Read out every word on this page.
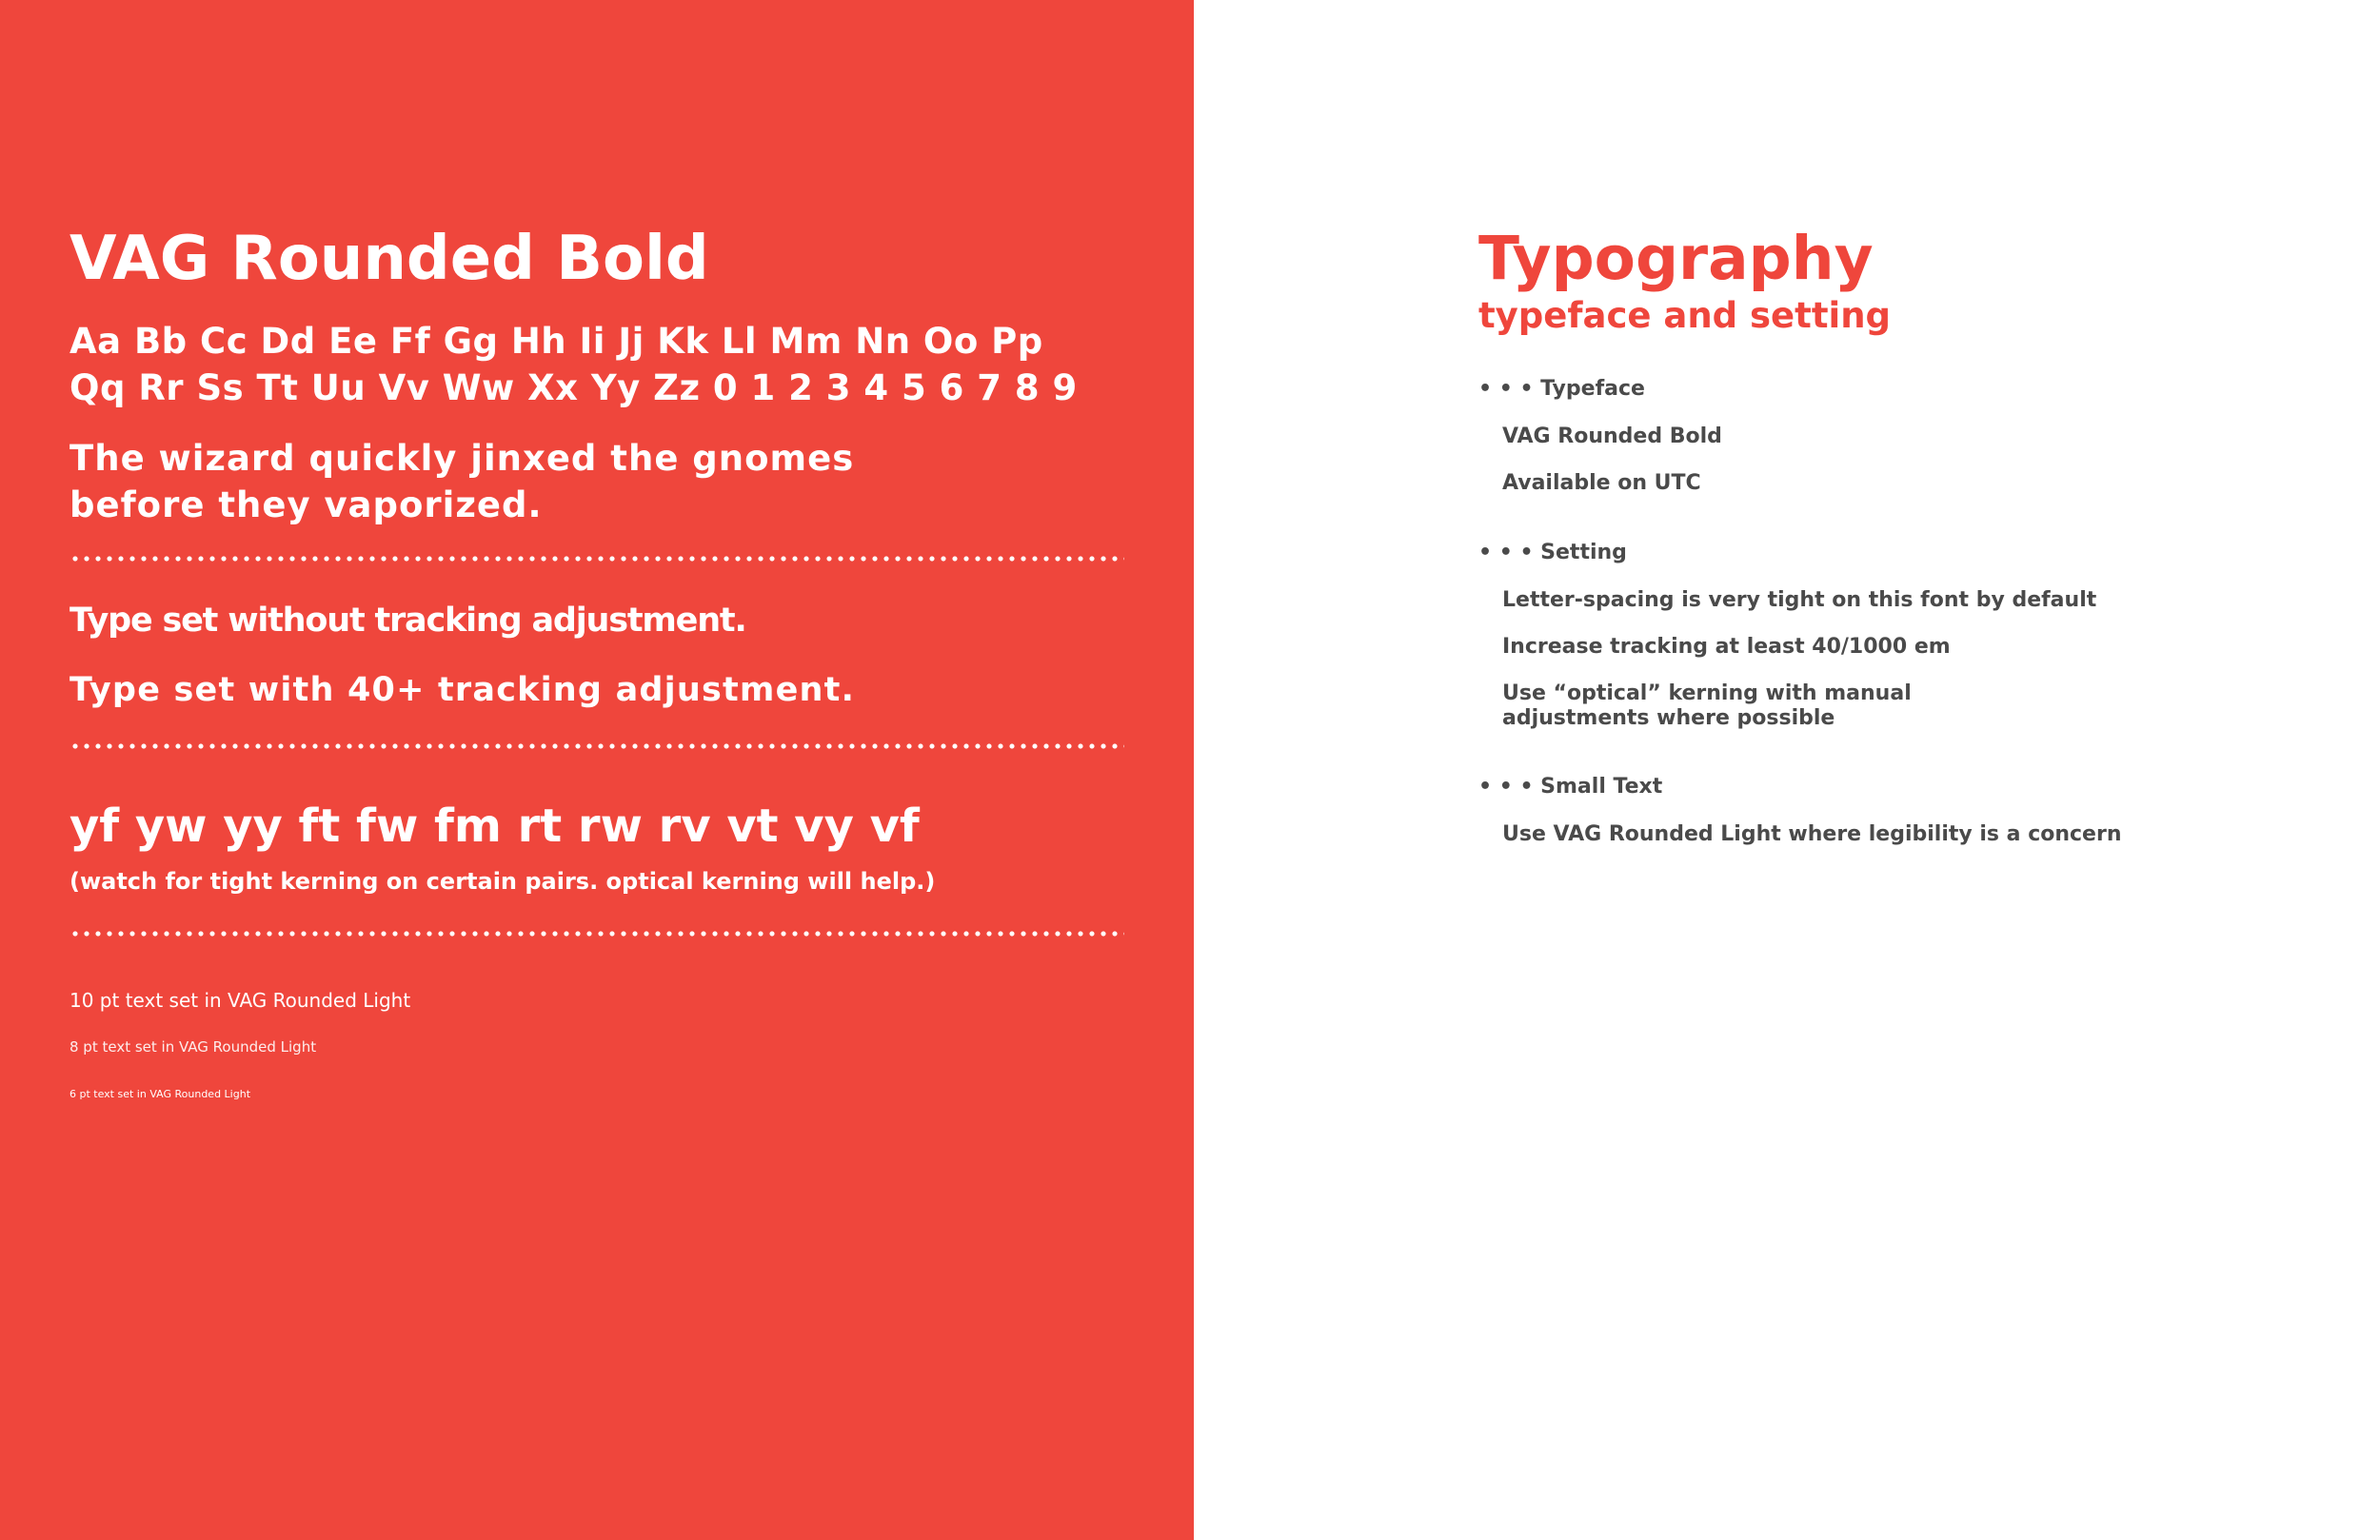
VAG Rounded Bold
Aa Bb Cc Dd Ee Ff Gg Hh Ii Jj Kk Ll Mm Nn Oo Pp
Qq Rr Ss Tt Uu Vv Ww Xx Yy Zz 0 1 2 3 4 5 6 7 8 9
The wizard quickly jinxed the gnomes
before they vaporized.
Type set without tracking adjustment.
Type set with 40+ tracking adjustment.
yf yw yy ft fw fm rt rw rv vt vy vf
(watch for tight kerning on certain pairs. optical kerning will help.)
10 pt text set in VAG Rounded Light
8 pt text set in VAG Rounded Light
6 pt text set in VAG Rounded Light
Typography
typeface and setting
• • • Typeface
VAG Rounded Bold
Available on UTC
• • • Setting
Letter-spacing is very tight on this font by default
Increase tracking at least 40/1000 em
Use “optical” kerning with manual adjustments where possible
• • • Small Text
Use VAG Rounded Light where legibility is a concern
